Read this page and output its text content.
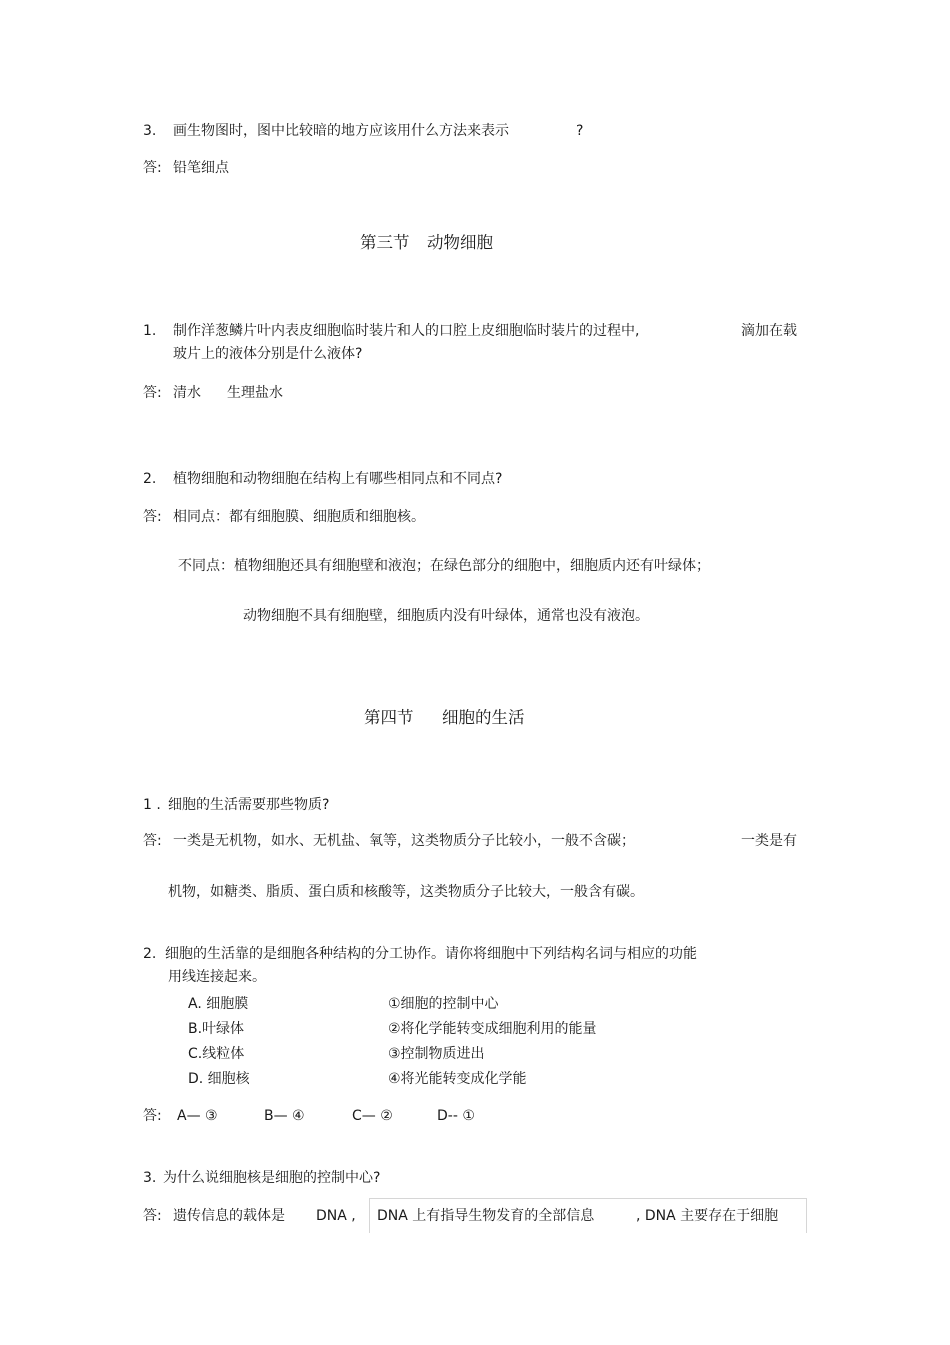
3. 画生物图时，图中比较暗的地方应该用什么方法来表示	?
答: 铅笔细点
第三节 动物细胞
1. 制作洋葱鳞片叶内表皮细胞临时装片和人的口腔上皮细胞临时装片的过程中,	滴加在载
玻片上的液体分别是什么液体?
答: 清水 生理盐水
2. 植物细胞和动物细胞在结构上有哪些相同点和不同点?
答: 相同点：都有细胞膜、细胞质和细胞核。
不同点：植物细胞还具有细胞壁和液泡；在绿色部分的细胞中，细胞质内还有叶绿体；
动物细胞不具有细胞壁，细胞质内没有叶绿体，通常也没有液泡。
第四节 细胞的生活
1 . 细胞的生活需要那些物质?
答: 一类是无机物，如水、无机盐、氧等，这类物质分子比较小，一般不含碳；	一类是有
机物，如糖类、脂质、蛋白质和核酸等，这类物质分子比较大，一般含有碳。
2. 细胞的生活靠的是细胞各种结构的分工协作。请你将细胞中下列结构名词与相应的功能
用线连接起来。
A. 细胞膜	①细胞的控制中心
B.叶绿体	②将化学能转变成细胞利用的能量
C.线粒体	③控制物质进出
D. 细胞核	④将光能转变成化学能
答: A— ③	B— ④	C— ②	D-- ①
3. 为什么说细胞核是细胞的控制中心?
答: 遗传信息的载体是 DNA , DNA 上有指导生物发育的全部信息	, DNA 主要存在于细胞
